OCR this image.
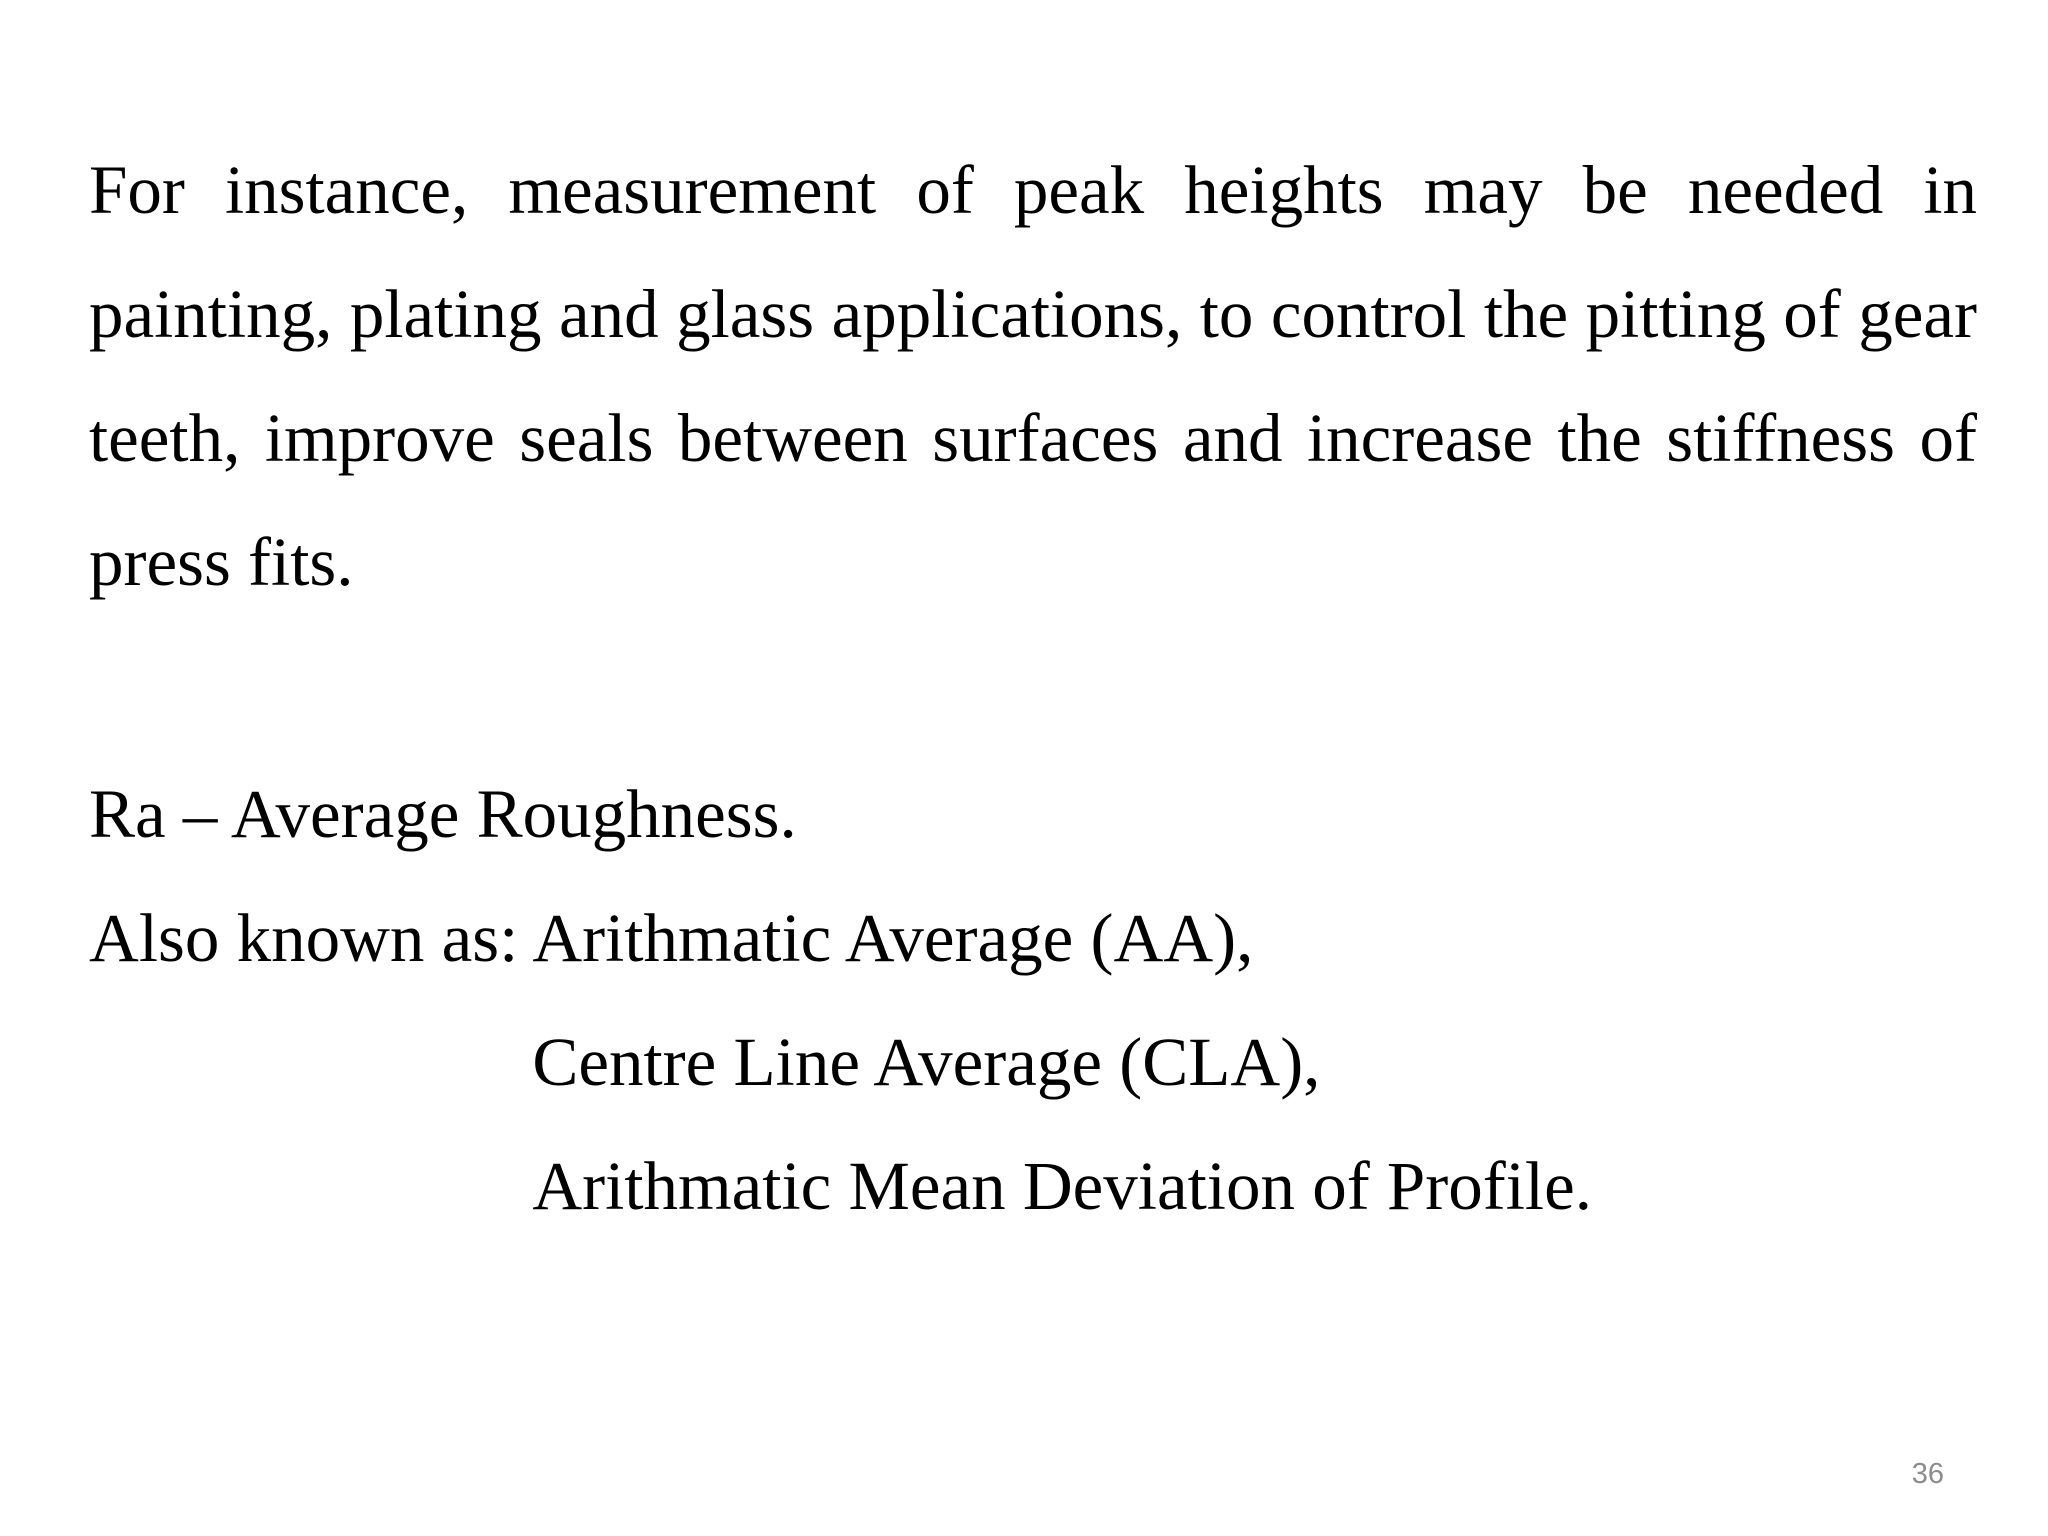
For instance, measurement of peak heights may be needed in painting, plating and glass applications, to control the pitting of gear teeth, improve seals between surfaces and increase the stiffness of press fits.

Ra – Average Roughness.
Also known as: Arithmatic Average (AA),
Centre Line Average (CLA),
Arithmatic Mean Deviation of Profile.
36
